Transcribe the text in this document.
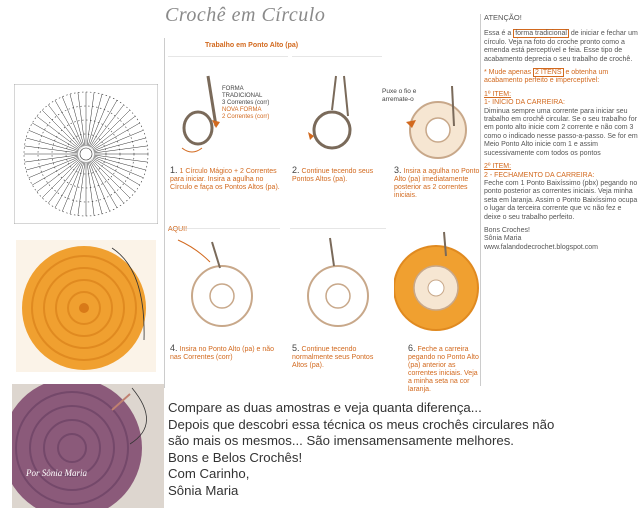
Crochê em Círculo
Trabalho em Ponto Alto (pa)
Por Sônia Maria
FORMA TRADICIONAL
3 Correntes (corr)
NOVA FORMA
2 Correntes (corr)
Puxe o fio e arremate-o
1. 1 Círculo Mágico + 2 Correntes para iniciar. Insira a agulha no Círculo e faça os Pontos Altos (pa).
2. Continue tecendo seus Pontos Altos (pa).
3. Insira a agulha no Ponto Alto (pa) imediatamente posterior as 2 correntes iniciais.
AQUI!
4. Insira no Ponto Alto (pa) e não nas Correntes (corr)
5. Continue tecendo normalmente seus Pontos Altos (pa).
6. Feche a carreira pegando no Ponto Alto (pa) anterior as correntes iniciais. Veja a minha seta na cor laranja.

ATENÇÃO!

Essa é a forma tradicional de iniciar e fechar um círculo. Veja na foto do croche pronto como a emenda está perceptível e feia. Esse tipo de acabamento deprecia o seu trabalho de crochê.

* Mude apenas 2 ITENS e obtenha um acabamento perfeito e imperceptível:

1º ITEM:
1- INÍCIO DA CARREIRA:
Diminua sempre uma corrente para iniciar seu trabalho em crochê circular. Se o seu trabalho for em ponto alto inicie com 2 corrente e não com 3 como o indicado nesse passo-a-passo. Se for em Meio Ponto Alto inicie com 1 e assim sucessivamente com todos os pontos

2º ITEM:
2 - FECHAMENTO DA CARREIRA:
Feche com 1 Ponto Baixíssimo (pbx) pegando no ponto posterior as correntes iniciais. Veja minha seta em laranja. Assim o Ponto Baixíssimo ocupa o lugar da terceira corrente que vc não fez e deixe o seu trabalho perfeito.

Bons Croches!
Sônia Maria
www.falandodecrochet.blogspot.com

Compare as duas amostras e veja quanta diferença...
Depois que descobri essa técnica os meus crochês circulares não
são mais os mesmos... São imensamensamente melhores.
Bons e Belos Crochês!
Com Carinho,
Sônia Maria
